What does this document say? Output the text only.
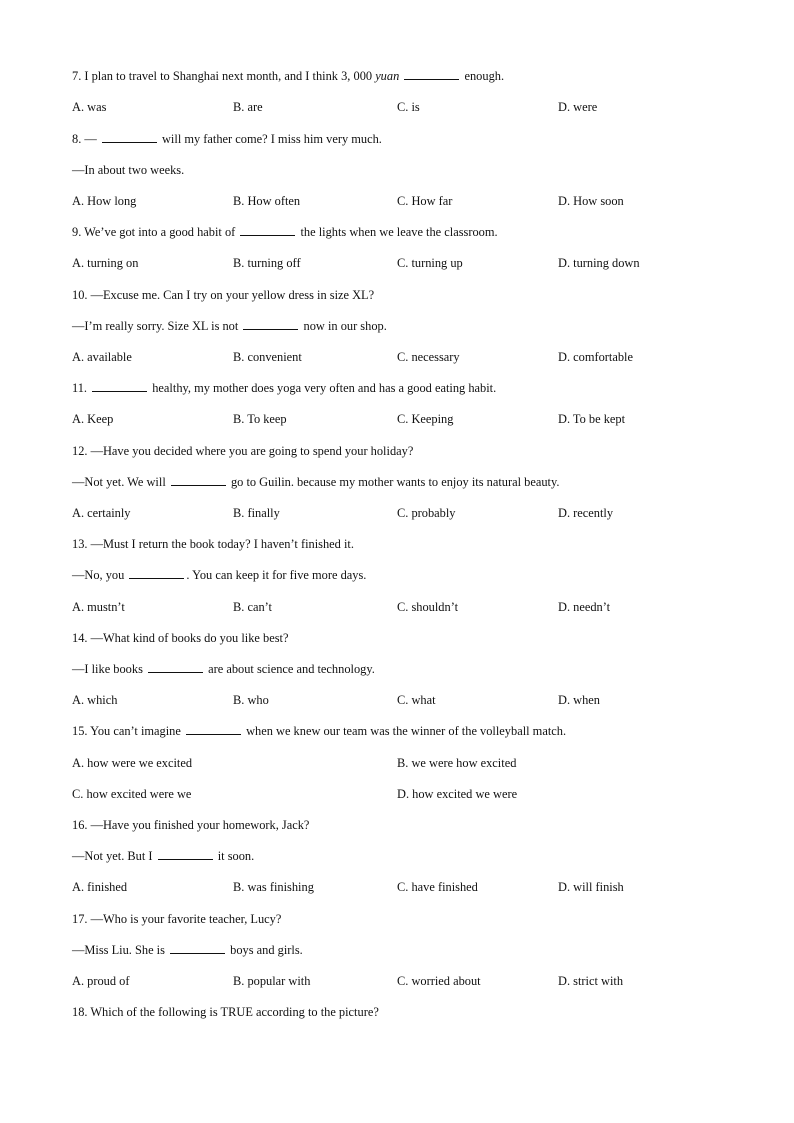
7. I plan to travel to Shanghai next month, and I think 3, 000 yuan	enough.
A. was	B. are	C. is	D. were
8. —	will my father come? I miss him very much.
—In about two weeks.
A. How long	B. How often	C. How far	D. How soon
9. We’ve got into a good habit of	the lights when we leave the classroom.
A. turning on	B. turning off	C. turning up	D. turning down
10. —Excuse me. Can I try on your yellow dress in size XL?
—I’m really sorry. Size XL is not	now in our shop.
A. available	B. convenient	C. necessary	D. comfortable
11.	healthy, my mother does yoga very often and has a good eating habit.
A. Keep	B. To keep	C. Keeping	D. To be kept
12. —Have you decided where you are going to spend your holiday?
—Not yet. We will	go to Guilin. because my mother wants to enjoy its natural beauty.
A. certainly	B. finally	C. probably	D. recently
13. —Must I return the book today? I haven’t finished it.
—No, you	. You can keep it for five more days.
A. mustn’t	B. can’t	C. shouldn’t	D. needn’t
14. —What kind of books do you like best?
—I like books	are about science and technology.
A. which	B. who	C. what	D. when
15. You can’t imagine	when we knew our team was the winner of the volleyball match.
A. how were we excited	B. we were how excited
C. how excited were we	D. how excited we were
16. —Have you finished your homework, Jack?
—Not yet. But I	it soon.
A. finished	B. was finishing	C. have finished	D. will finish
17. —Who is your favorite teacher, Lucy?
—Miss Liu. She is	boys and girls.
A. proud of	B. popular with	C. worried about	D. strict with
18. Which of the following is TRUE according to the picture?
